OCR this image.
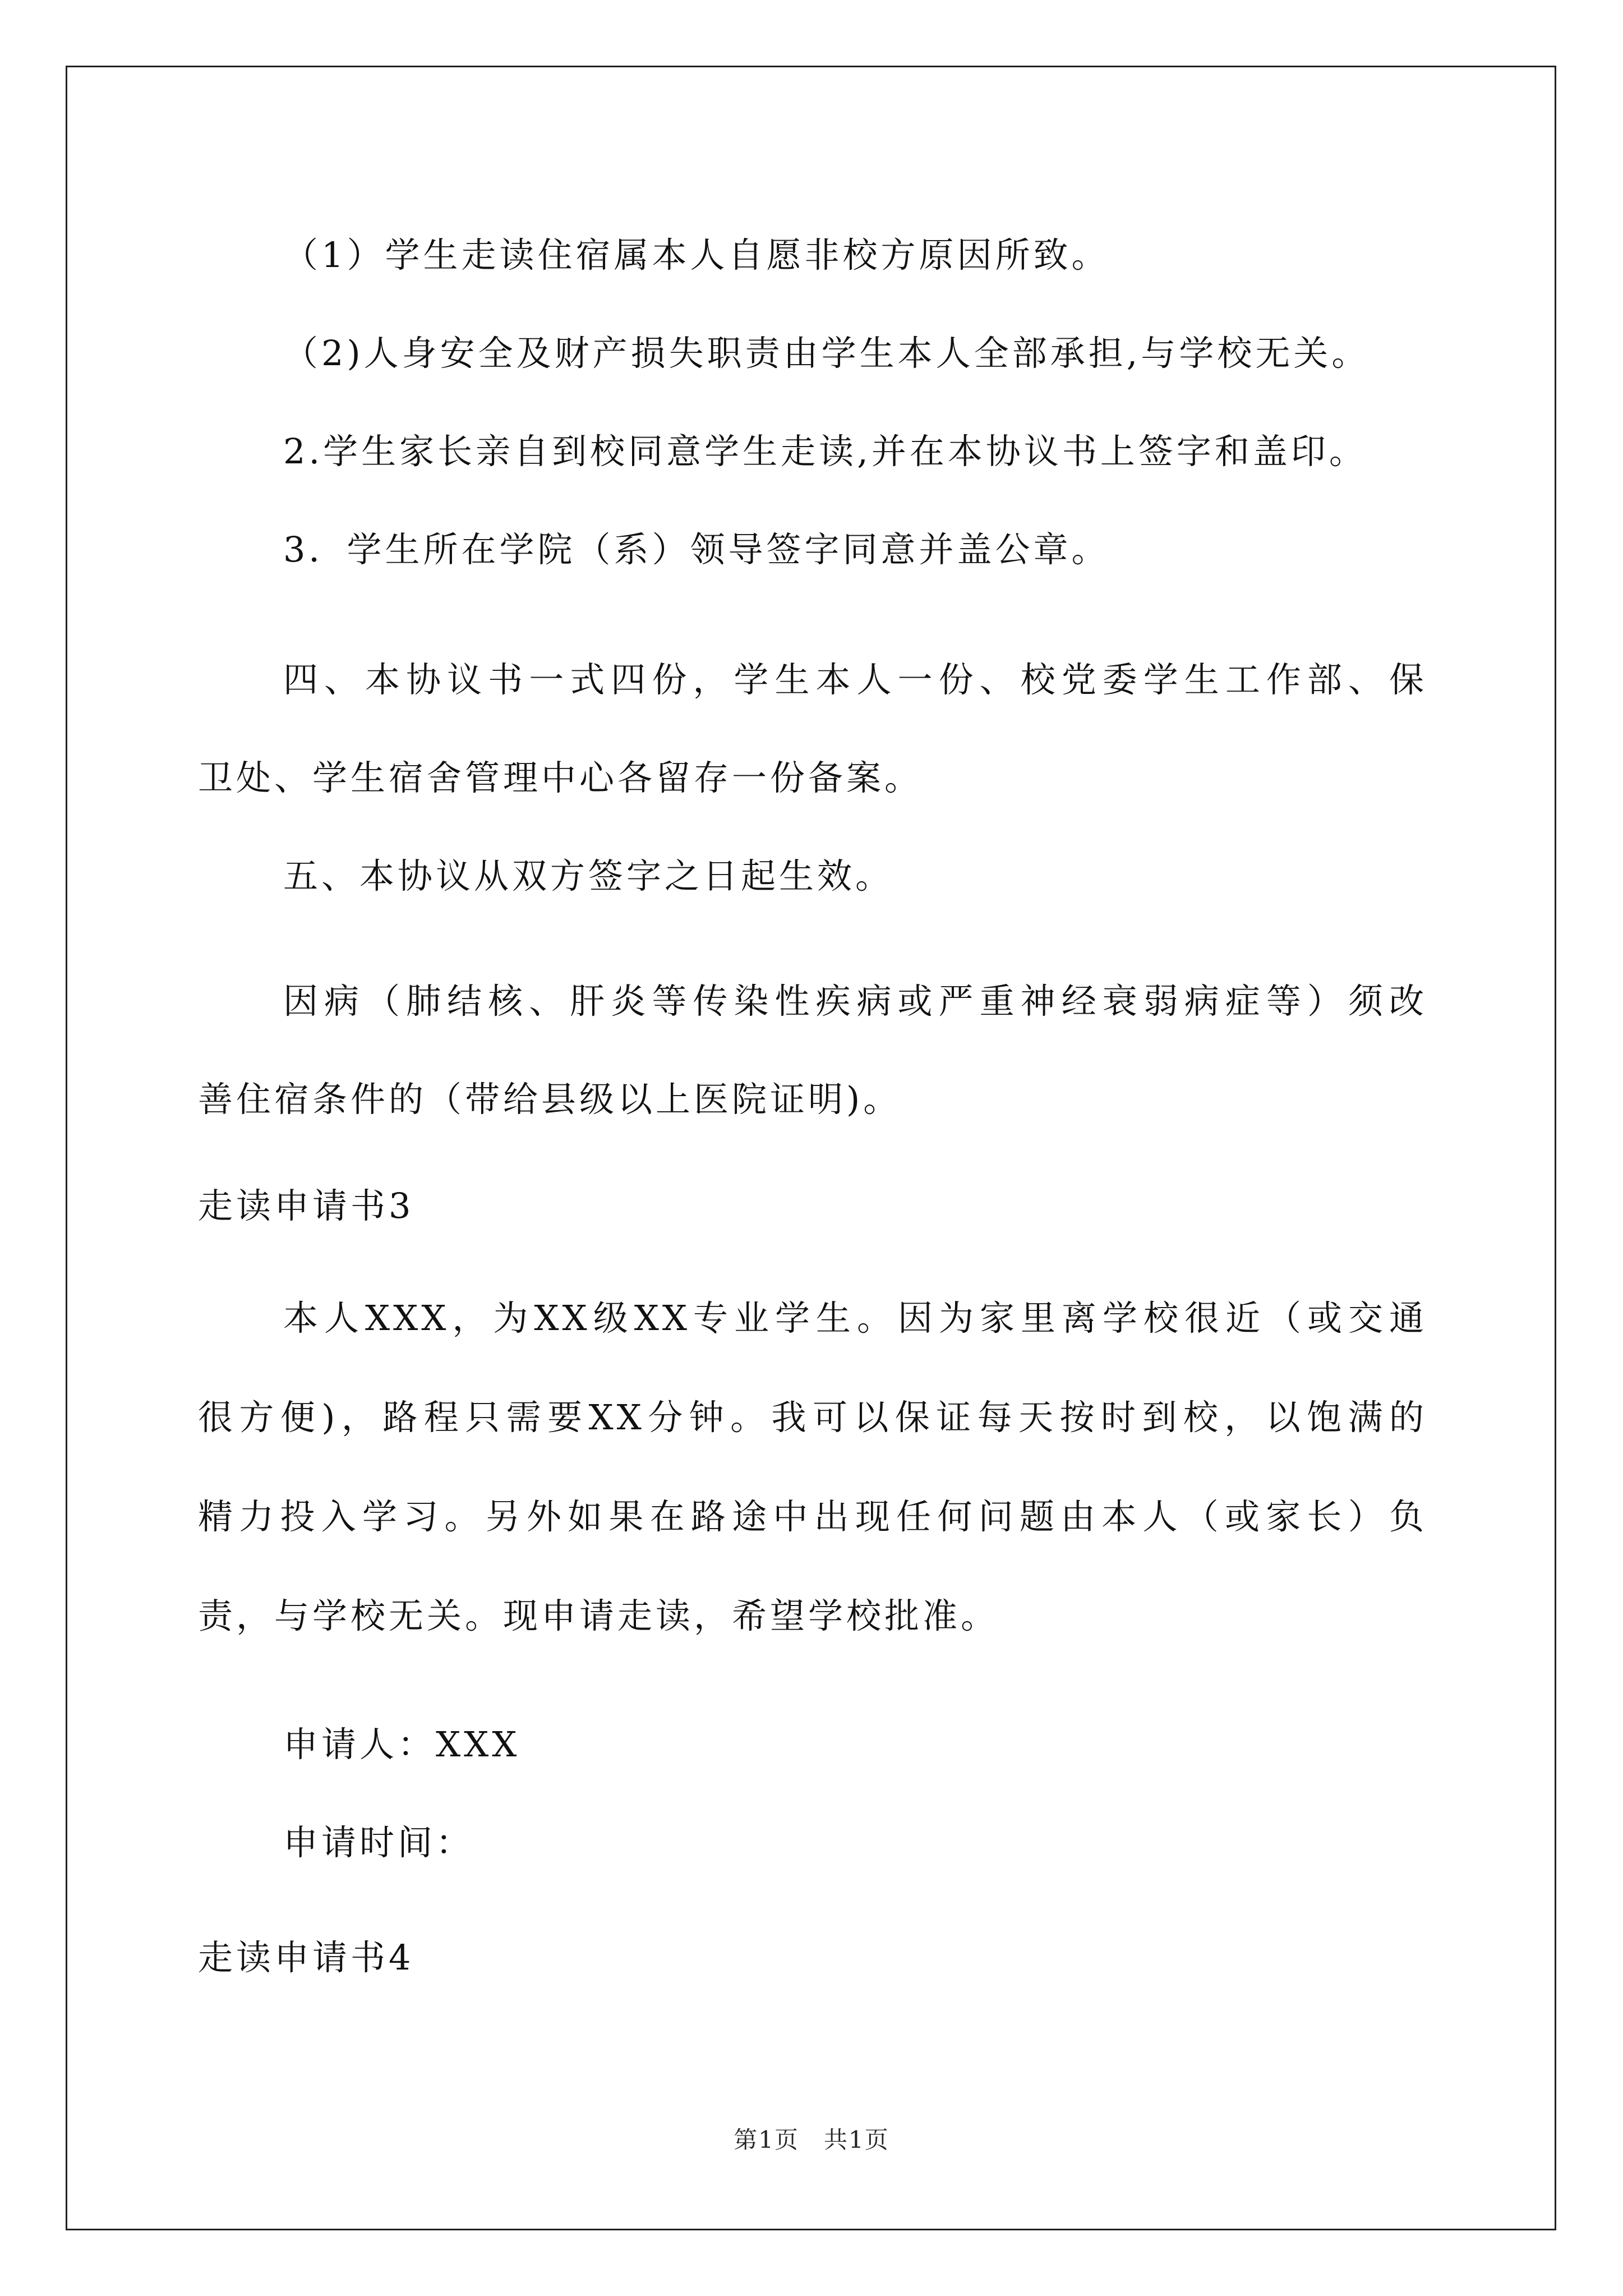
（1）学生走读住宿属本人自愿非校方原因所致。
（2)人身安全及财产损失职责由学生本人全部承担,与学校无关。
2.学生家长亲自到校同意学生走读,并在本协议书上签字和盖印。
3．学生所在学院（系）领导签字同意并盖公章。
四、本协议书一式四份，学生本人一份、校党委学生工作部、保
卫处、学生宿舍管理中心各留存一份备案。
五、本协议从双方签字之日起生效。
因病（肺结核、肝炎等传染性疾病或严重神经衰弱病症等）须改
善住宿条件的（带给县级以上医院证明)。
走读申请书3
本人XXX，为XX级XX专业学生。因为家里离学校很近（或交通
很方便)，路程只需要XX分钟。我可以保证每天按时到校，以饱满的
精力投入学习。另外如果在路途中出现任何问题由本人（或家长）负
责，与学校无关。现申请走读，希望学校批准。
申请人：XXX
申请时间：
走读申请书4
第1页　共1页
